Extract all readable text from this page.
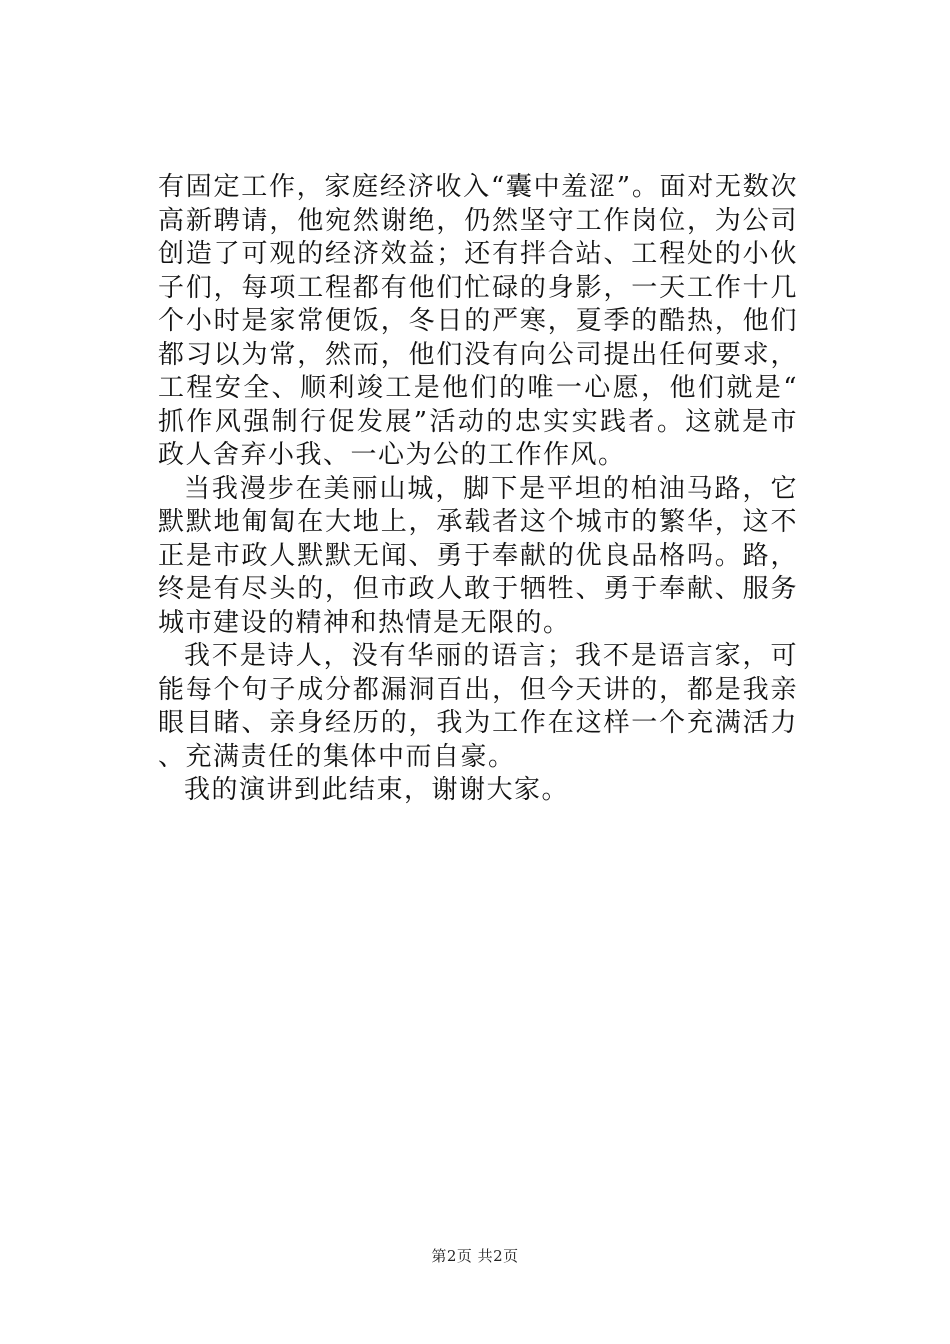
有固定工作，家庭经济收入“囊中羞涩”。面对无数次高新聘请，他宛然谢绝，仍然坚守工作岗位，为公司创造了可观的经济效益；还有拌合站、工程处的小伙子们，每项工程都有他们忙碌的身影，一天工作十几个小时是家常便饭，冬日的严寒，夏季的酷热，他们都习以为常，然而，他们没有向公司提出任何要求，工程安全、顺利竣工是他们的唯一心愿，他们就是“抓作风强制行促发展”活动的忠实实践者。这就是市政人舍弃小我、一心为公的工作作风。

当我漫步在美丽山城，脚下是平坦的柏油马路，它默默地匍匐在大地上，承载者这个城市的繁华，这不正是市政人默默无闻、勇于奉献的优良品格吗。路，终是有尽头的，但市政人敢于牺牲、勇于奉献、服务城市建设的精神和热情是无限的。

我不是诗人，没有华丽的语言；我不是语言家，可能每个句子成分都漏洞百出，但今天讲的，都是我亲眼目睹、亲身经历的，我为工作在这样一个充满活力、充满责任的集体中而自豪。

我的演讲到此结束，谢谢大家。

第2页 共2页
